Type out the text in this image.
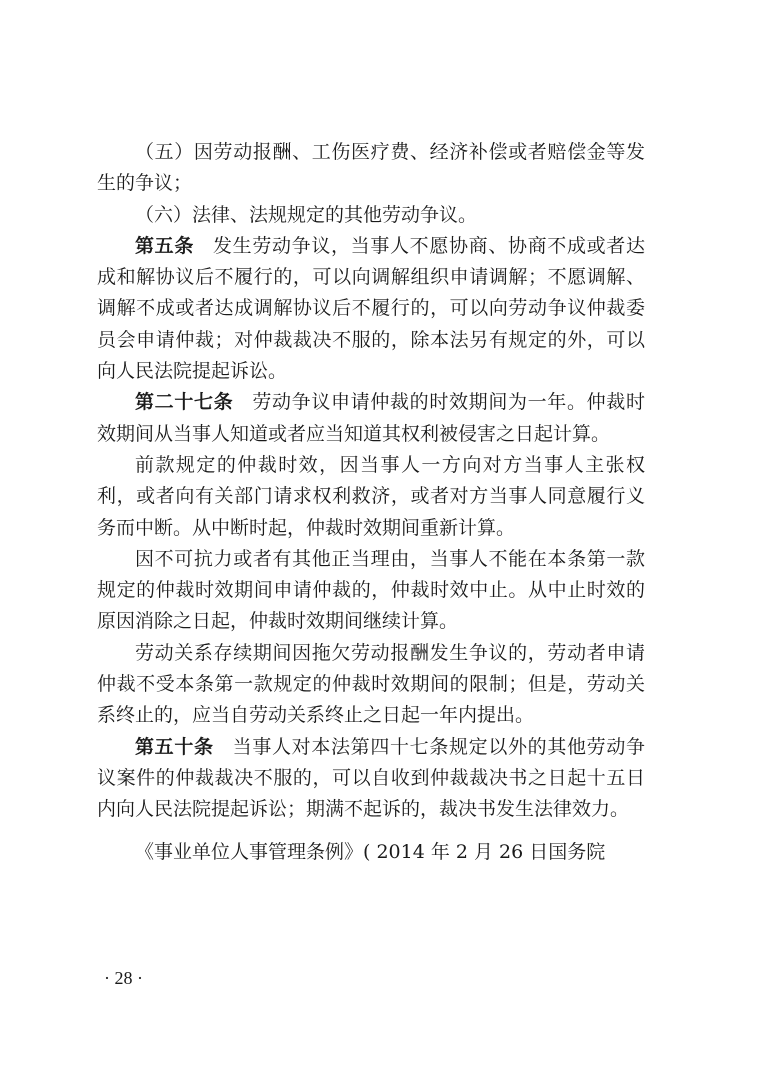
（五）因劳动报酬、工伤医疗费、经济补偿或者赔偿金等发生的争议；

（六）法律、法规规定的其他劳动争议。

第五条 发生劳动争议，当事人不愿协商、协商不成或者达成和解协议后不履行的，可以向调解组织申请调解；不愿调解、调解不成或者达成调解协议后不履行的，可以向劳动争议仲裁委员会申请仲裁；对仲裁裁决不服的，除本法另有规定的外，可以向人民法院提起诉讼。

第二十七条 劳动争议申请仲裁的时效期间为一年。仲裁时效期间从当事人知道或者应当知道其权利被侵害之日起计算。

前款规定的仲裁时效，因当事人一方向对方当事人主张权利，或者向有关部门请求权利救济，或者对方当事人同意履行义务而中断。从中断时起，仲裁时效期间重新计算。

因不可抗力或者有其他正当理由，当事人不能在本条第一款规定的仲裁时效期间申请仲裁的，仲裁时效中止。从中止时效的原因消除之日起，仲裁时效期间继续计算。

劳动关系存续期间因拖欠劳动报酬发生争议的，劳动者申请仲裁不受本条第一款规定的仲裁时效期间的限制；但是，劳动关系终止的，应当自劳动关系终止之日起一年内提出。

第五十条 当事人对本法第四十七条规定以外的其他劳动争议案件的仲裁裁决不服的，可以自收到仲裁裁决书之日起十五日内向人民法院提起诉讼；期满不起诉的，裁决书发生法律效力。

《事业单位人事管理条例》( 2014 年 2 月 26 日国务院

· 28 ·
